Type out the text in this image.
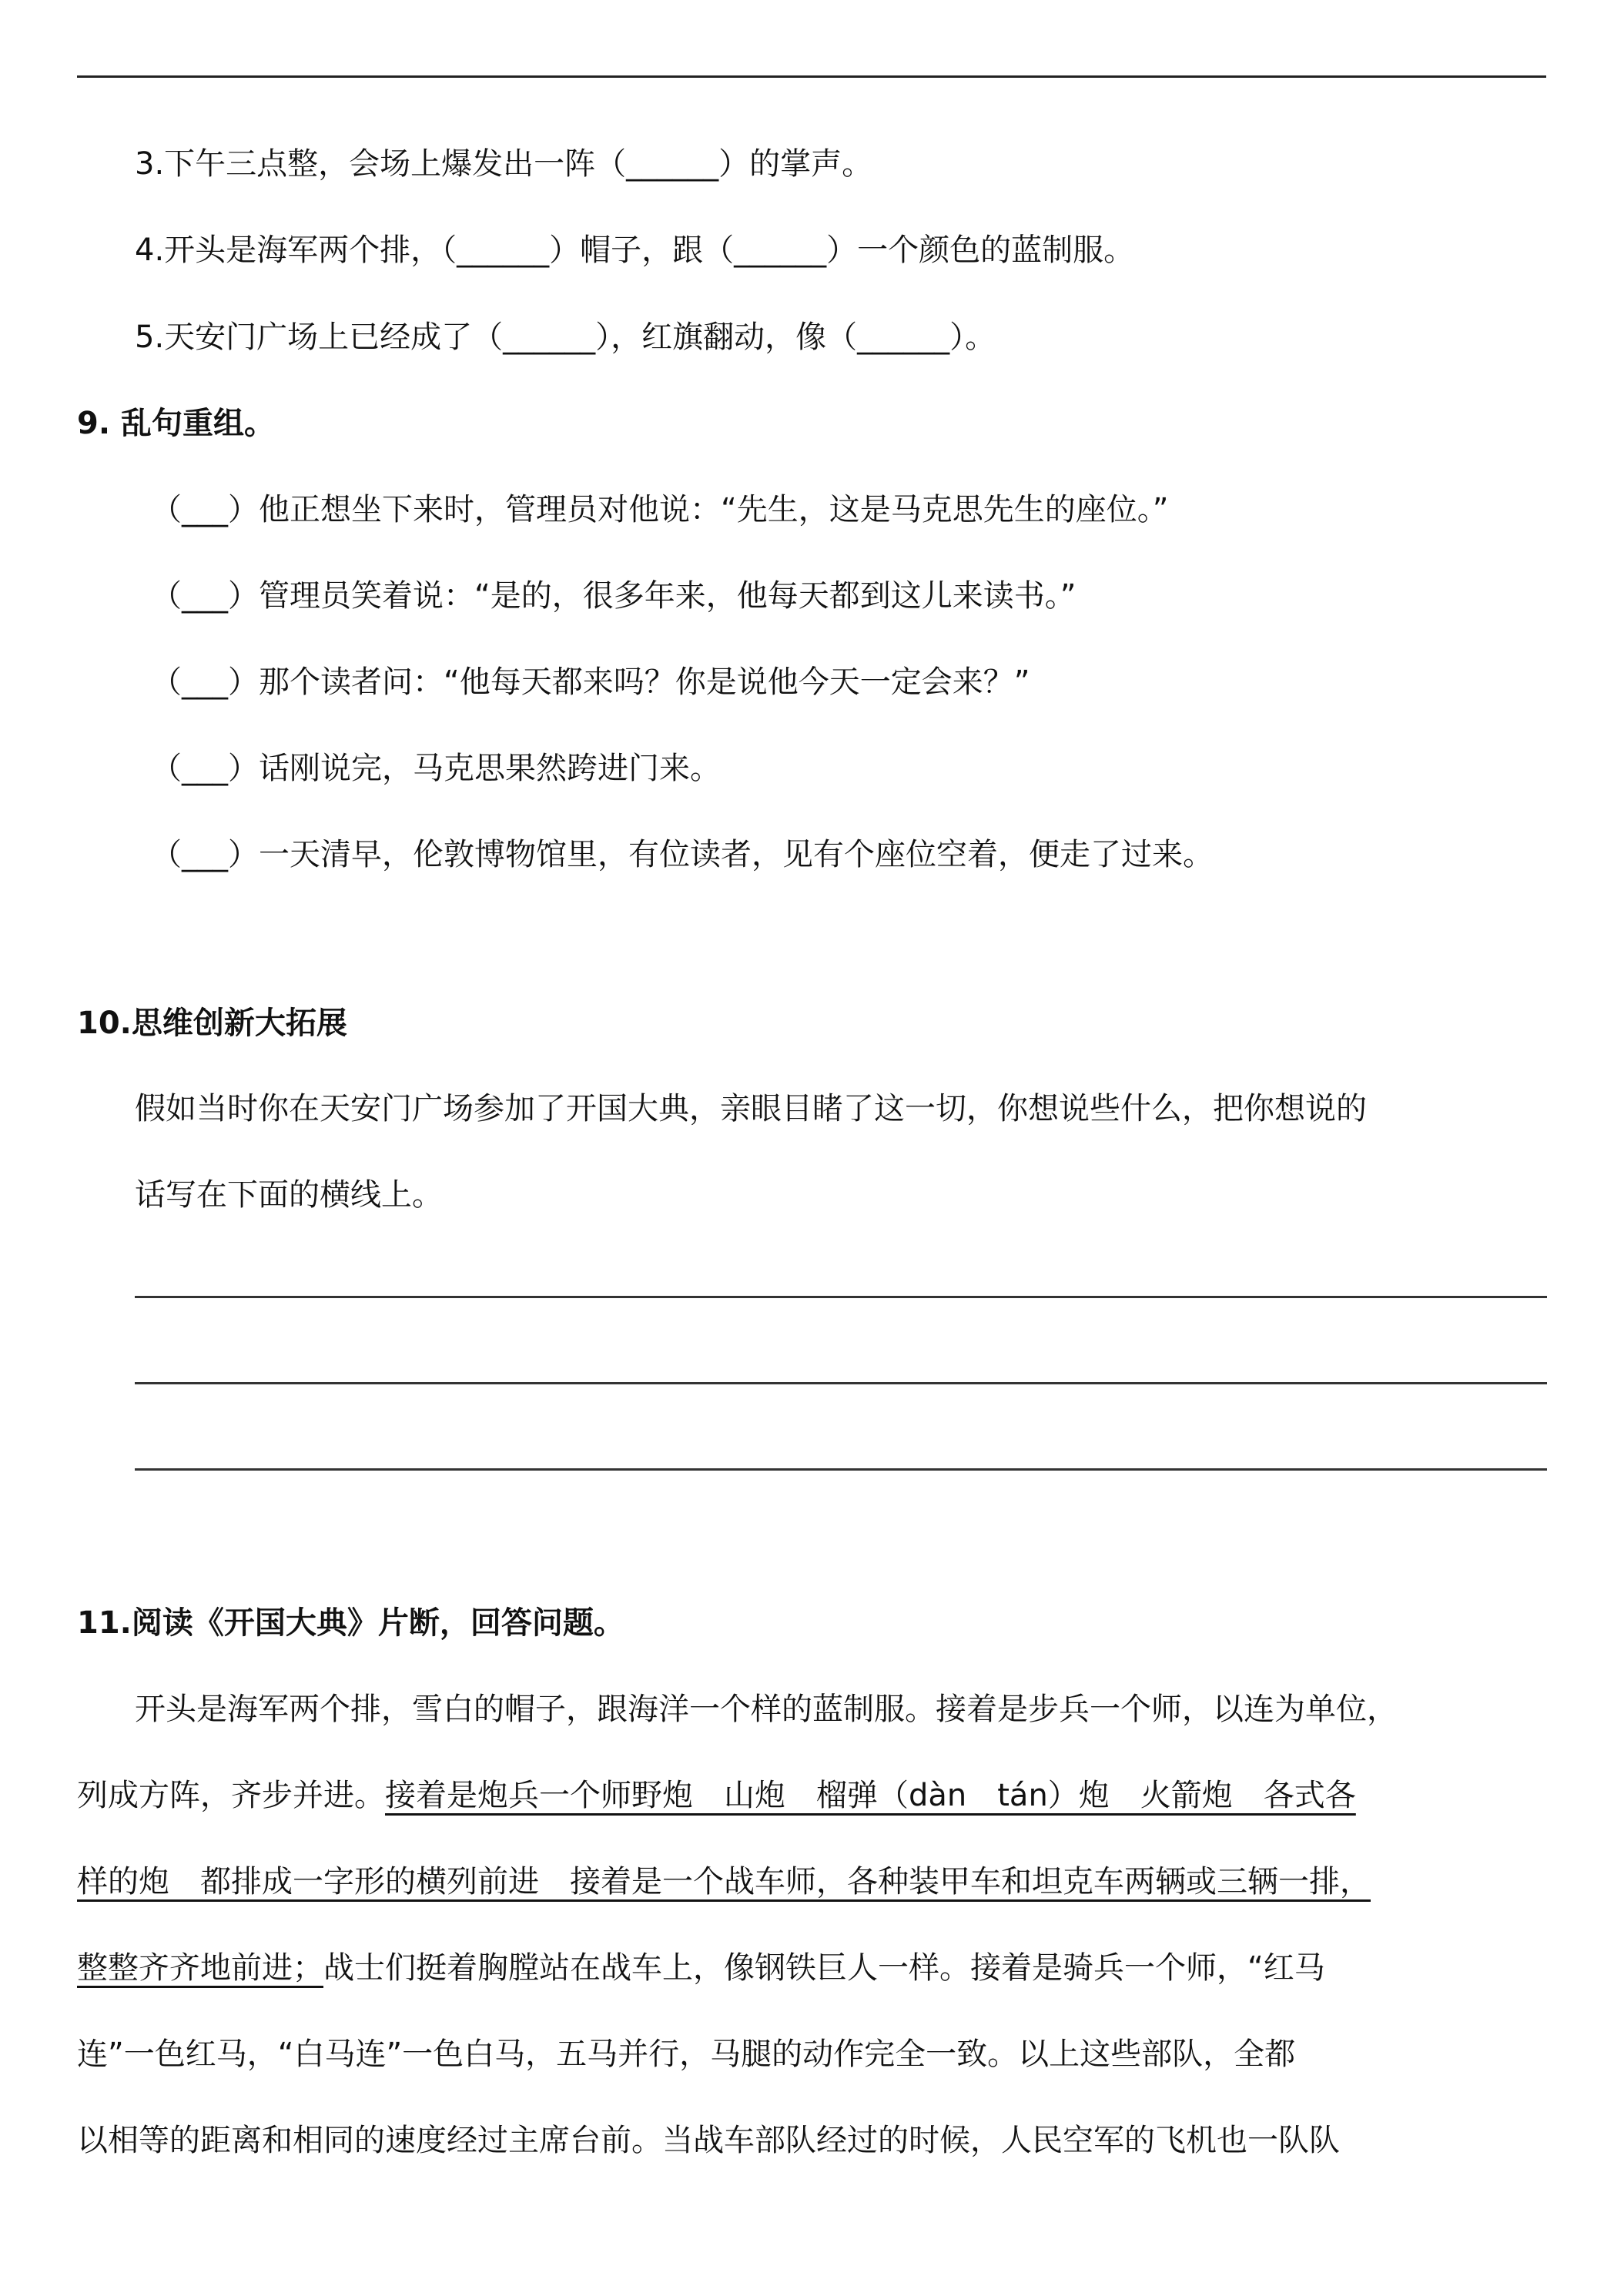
3.下午三点整，会场上爆发出一阵（______）的掌声。
4.开头是海军两个排，（______）帽子，跟（______）一个颜色的蓝制服。
5.天安门广场上已经成了（______），红旗翻动，像（______）。
9. 乱句重组。
（___）他正想坐下来时，管理员对他说：“先生，这是马克思先生的座位。”
（___）管理员笑着说：“是的，很多年来，他每天都到这儿来读书。”
（___）那个读者问：“他每天都来吗？你是说他今天一定会来？”
（___）话刚说完，马克思果然跨进门来。
（___）一天清早，伦敦博物馆里，有位读者，见有个座位空着，便走了过来。
10.思维创新大拓展
假如当时你在天安门广场参加了开国大典，亲眼目睹了这一切，你想说些什么，把你想说的
话写在下面的横线上。
11.阅读《开国大典》片断，回答问题。
开头是海军两个排，雪白的帽子，跟海洋一个样的蓝制服。接着是步兵一个师，以连为单位，
列成方阵，齐步并进。接着是炮兵一个师野炮　山炮　榴弹（dàn　tán）炮　火箭炮　各式各
样的炮　都排成一字形的横列前进　接着是一个战车师，各种装甲车和坦克车两辆或三辆一排，
整整齐齐地前进；战士们挺着胸膛站在战车上，像钢铁巨人一样。接着是骑兵一个师，“红马
连”一色红马，“白马连”一色白马，五马并行，马腿的动作完全一致。以上这些部队，全都
以相等的距离和相同的速度经过主席台前。当战车部队经过的时候，人民空军的飞机也一队队
